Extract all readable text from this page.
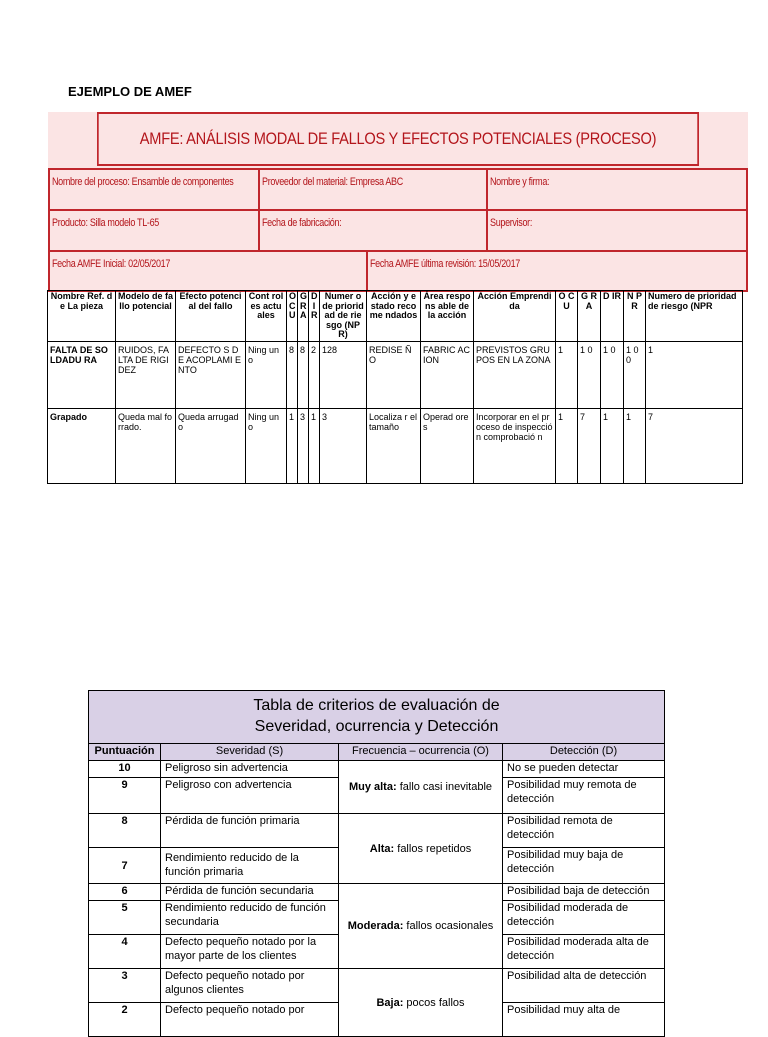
EJEMPLO DE AMEF
AMFE: ANÁLISIS MODAL DE FALLOS Y EFECTOS POTENCIALES (PROCESO)
Nombre del proceso: Ensamble de componentes	Proveedor del material: Empresa ABC	Nombre y firma:
Producto: Silla modelo TL-65	Fecha de fabricación:	Supervisor:
Fecha AMFE Inicial: 02/05/2017	Fecha AMFE última revisión: 15/05/2017
Nombre Ref. de La pieza	Modelo de fallo potencial	Efecto potencial del fallo	Cont roles actu ales	O C U	G R A	D I R	Numer o de priorid ad de riesgo (NPR)	Acción y estado recome ndados	Área respons able de la acción	Acción Emprendida	O C U	G R A	D IR	N P R	Numero de prioridad de riesgo (NPR
FALTA DE SOLDADU RA	RUIDOS, FALTA DE RIGIDEZ	DEFECTO S DE ACOPLAMI ENTO	Ning uno	8	8	2	128	REDISE ÑO	FABRIC ACION	PREVISTOS GRUPOS EN LA ZONA	1	1 0	1 0	1 0 0	1
Grapado	Queda mal forrado.	Queda arrugado	Ning uno	1	3	1	3	Localiza r el tamaño	Operad ores	Incorporar en el proceso de inspección comprobació n	1	7	1	1	7
Tabla de criterios de evaluación de
Severidad, ocurrencia y Detección			

Puntuación	Severidad (S)	Frecuencia – ocurrencia (O)	Detección (D)
10	Peligroso sin advertencia	Muy alta: fallo casi inevitable	No se pueden detectar
9	Peligroso con advertencia		Posibilidad muy remota de detección
8	Pérdida de función primaria	Alta: fallos repetidos	Posibilidad remota de detección
7	Rendimiento reducido de la función primaria		Posibilidad muy baja de detección
6	Pérdida de función secundaria	Moderada: fallos ocasionales	Posibilidad baja de detección
5	Rendimiento reducido de función secundaria		Posibilidad moderada de detección
4	Defecto pequeño notado por la mayor parte de los clientes		Posibilidad moderada alta de detección
3	Defecto pequeño notado por algunos clientes	Baja: pocos fallos	Posibilidad alta de detección
2	Defecto pequeño notado por		Posibilidad muy alta de
